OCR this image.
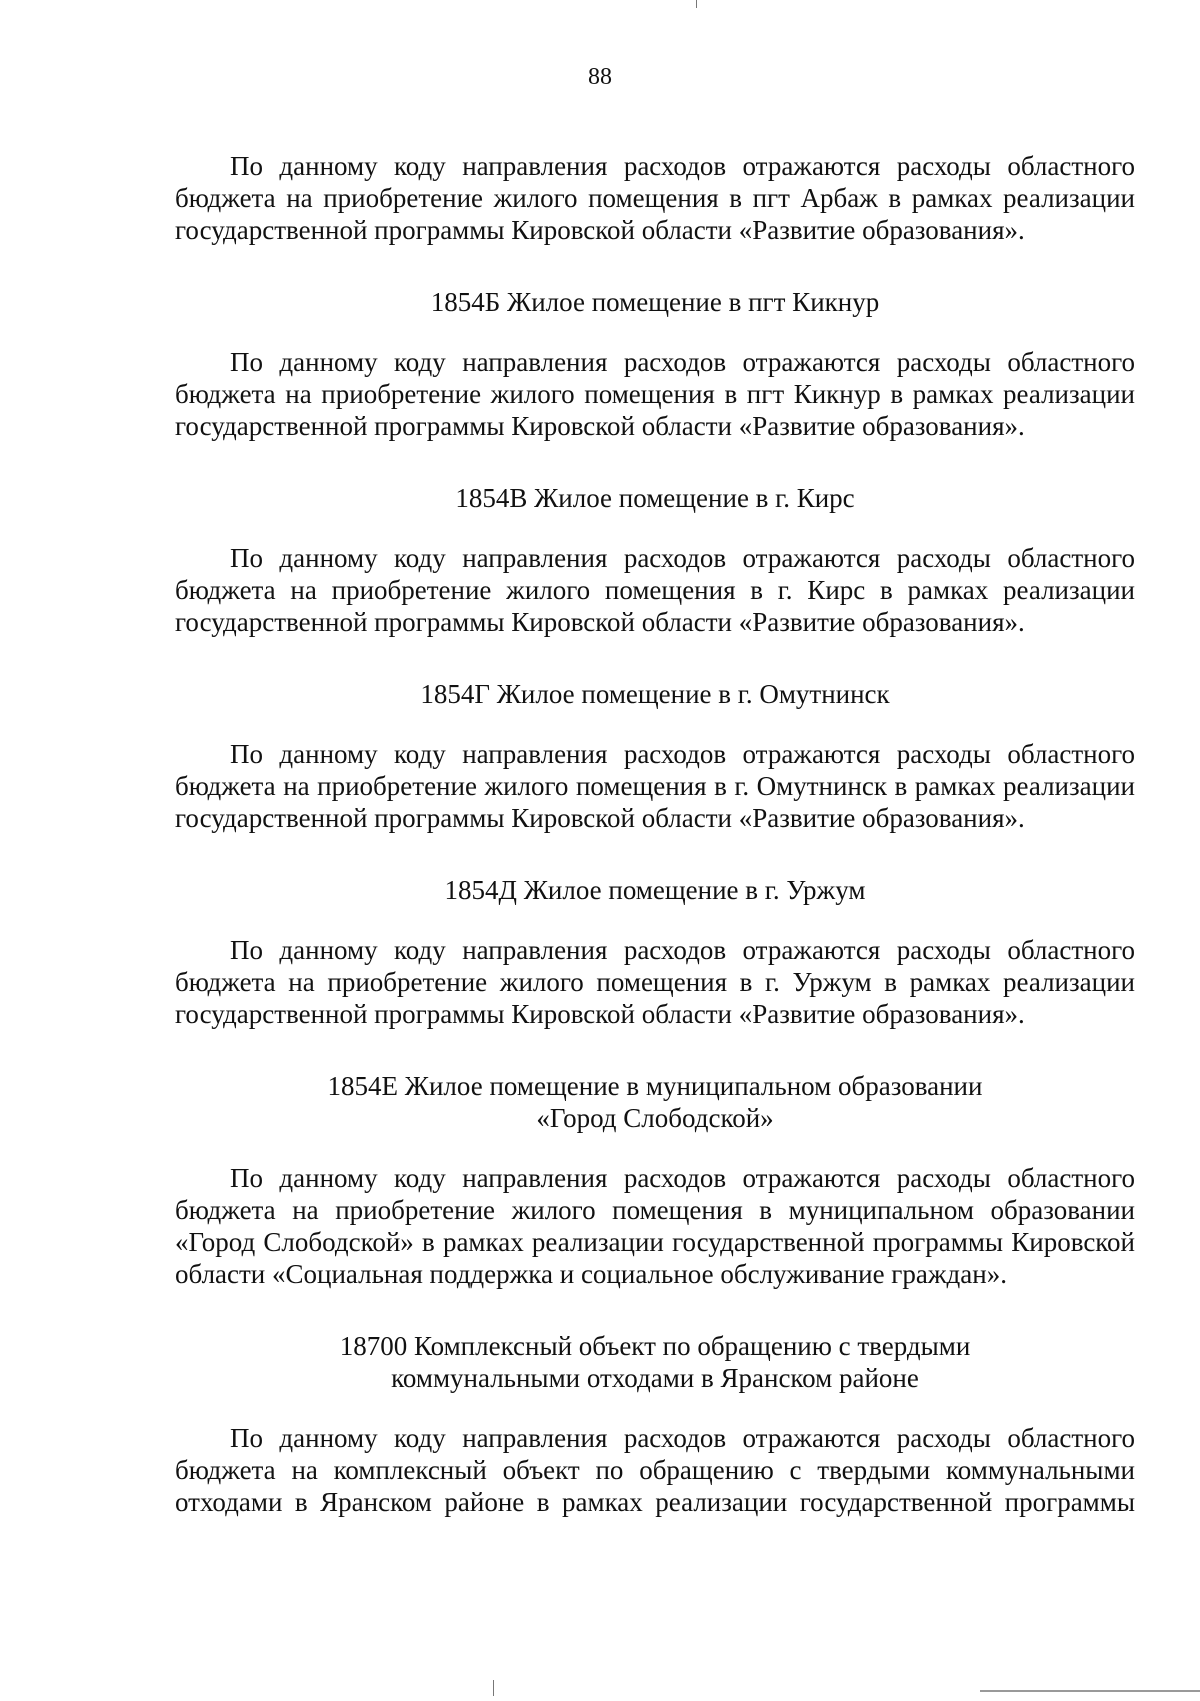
88

По данному коду направления расходов отражаются расходы областного бюджета на приобретение жилого помещения в пгт Арбаж в рамках реализации государственной программы Кировской области «Развитие образования».

1854Б Жилое помещение в пгт Кикнур

По данному коду направления расходов отражаются расходы областного бюджета на приобретение жилого помещения в пгт Кикнур в рамках реализации государственной программы Кировской области «Развитие образования».

1854В Жилое помещение в г. Кирс

По данному коду направления расходов отражаются расходы областного бюджета на приобретение жилого помещения в г. Кирс в рамках реализации государственной программы Кировской области «Развитие образования».

1854Г Жилое помещение в г. Омутнинск

По данному коду направления расходов отражаются расходы областного бюджета на приобретение жилого помещения в г. Омутнинск в рамках реализации государственной программы Кировской области «Развитие образования».

1854Д Жилое помещение в г. Уржум

По данному коду направления расходов отражаются расходы областного бюджета на приобретение жилого помещения в г. Уржум в рамках реализации государственной программы Кировской области «Развитие образования».

1854Е Жилое помещение в муниципальном образовании

«Город Слободской»

По данному коду направления расходов отражаются расходы областного бюджета на приобретение жилого помещения в муниципальном образовании «Город Слободской» в рамках реализации государственной программы Кировской области «Социальная поддержка и социальное обслуживание граждан».

18700 Комплексный объект по обращению с твердыми

коммунальными отходами в Яранском районе

По данному коду направления расходов отражаются расходы областного бюджета на комплексный объект по обращению с твердыми коммунальными отходами в Яранском районе в рамках реализации государственной программы
